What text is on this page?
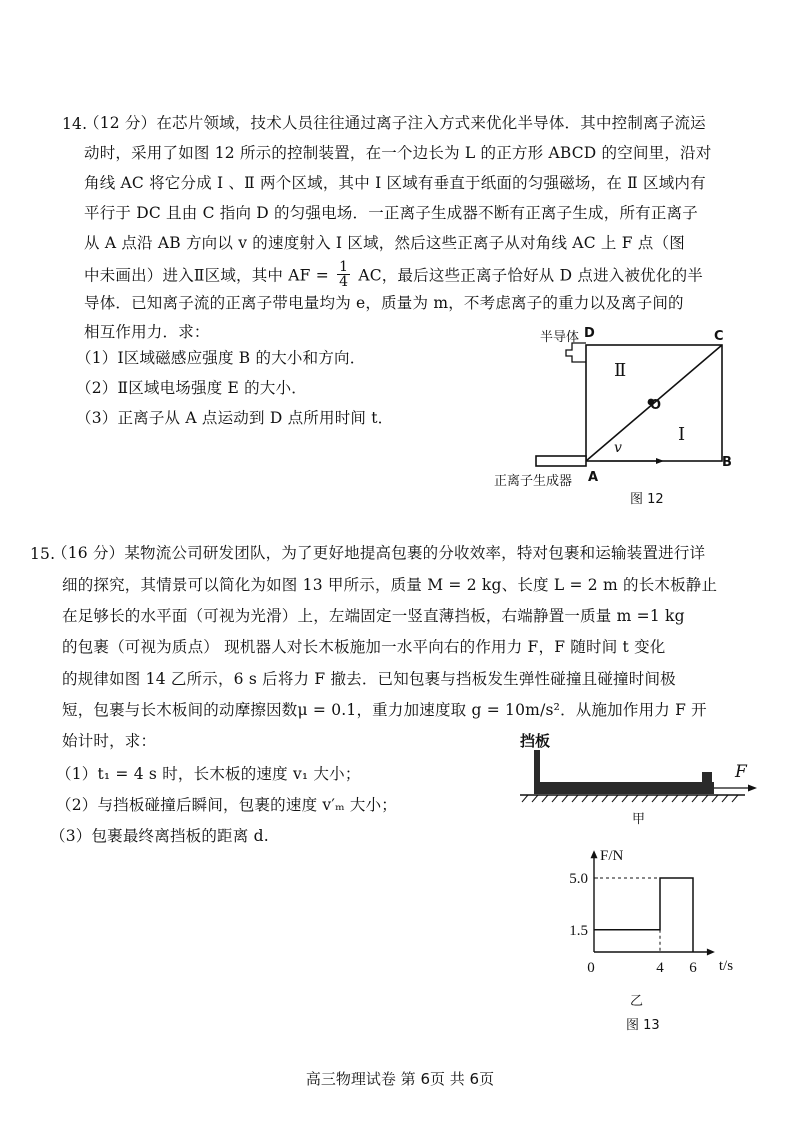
14.
（12 分）在芯片领域，技术人员往往通过离子注入方式来优化半导体．其中控制离子流运
动时，采用了如图 12 所示的控制装置，在一个边长为 L 的正方形 ABCD 的空间里，沿对
角线 AC 将它分成 Ⅰ 、Ⅱ 两个区域，其中 Ⅰ 区域有垂直于纸面的匀强磁场，在 Ⅱ 区域内有
平行于 DC 且由 C 指向 D 的匀强电场．一正离子生成器不断有正离子生成，所有正离子
从 A 点沿 AB 方向以 v 的速度射入 Ⅰ 区域，然后这些正离子从对角线 AC 上 F 点（图
中未画出）进入Ⅱ区域，其中 AF = $\frac{1}{4}$ AC，最后这些正离子恰好从 D 点进入被优化的半
导体．已知离子流的正离子带电量均为 e，质量为 m，不考虑离子的重力以及离子间的
相互作用力．求：
（1）Ⅰ区域磁感应强度 B 的大小和方向．
（2）Ⅱ区域电场强度 E 的大小．
（3）正离子从 A 点运动到 D 点所用时间 t．
半导体 D	C
B
O
Ⅱ
Ⅰ
v
正离子生成器 A
图 12
15.
（16 分）某物流公司研发团队，为了更好地提高包裹的分收效率，特对包裹和运输装置进行详
细的探究，其情景可以简化为如图 13 甲所示，质量 M = 2 kg、长度 L = 2 m 的长木板静止
在足够长的水平面（可视为光滑）上，左端固定一竖直薄挡板，右端静置一质量 m =1 kg
的包裹（可视为质点） 现机器人对长木板施加一水平向右的作用力 F，F 随时间 t 变化
的规律如图 14 乙所示，6 s 后将力 F 撤去．已知包裹与挡板发生弹性碰撞且碰撞时间极
短，包裹与长木板间的动摩擦因数μ = 0.1，重力加速度取 g = 10m/s²．从施加作用力 F 开
始计时，求：
（1）t₁ = 4 s 时，长木板的速度 v₁ 大小；
（2）与挡板碰撞后瞬间，包裹的速度 v′ₘ 大小；
（3）包裹最终离挡板的距离 d.
挡板
F
甲
0	4 6
1.5
5.0
t/s
F/N
乙
图 13
高三物理试卷 第 6页 共 6页
